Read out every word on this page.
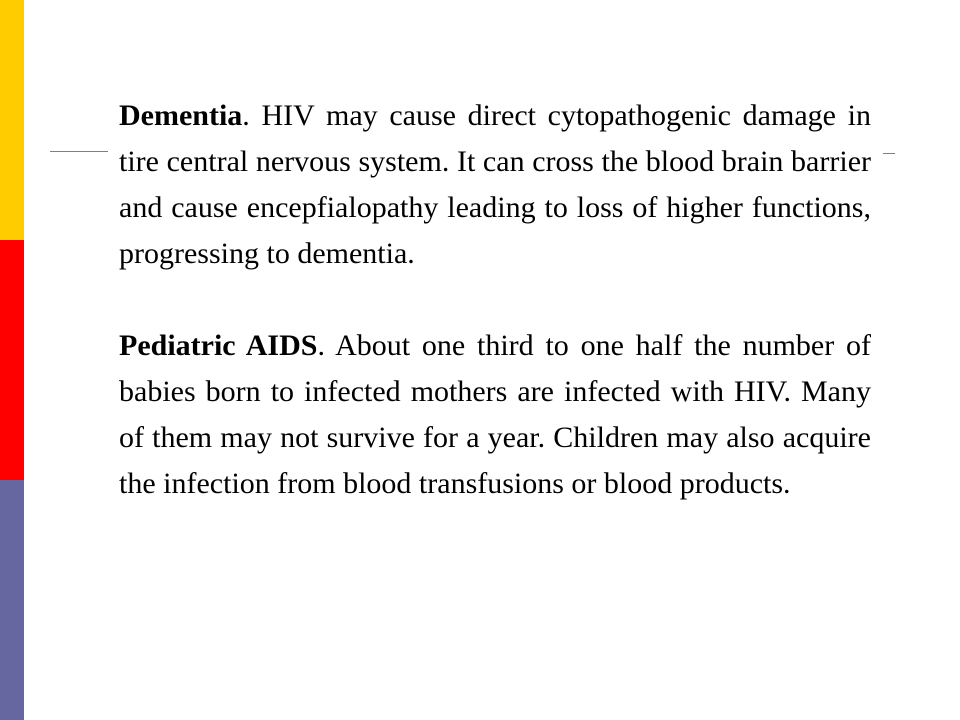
Dementia. HIV may cause direct cytopathogenic damage in tire central nervous system. It can cross the blood brain barrier and cause encepfialopathy leading to loss of higher functions, progressing to dementia.

Pediatric AIDS. About one third to one half the number of babies born to infected mothers are infected with HIV. Many of them may not survive for a year. Children may also acquire the infection from blood transfusions or blood products.
